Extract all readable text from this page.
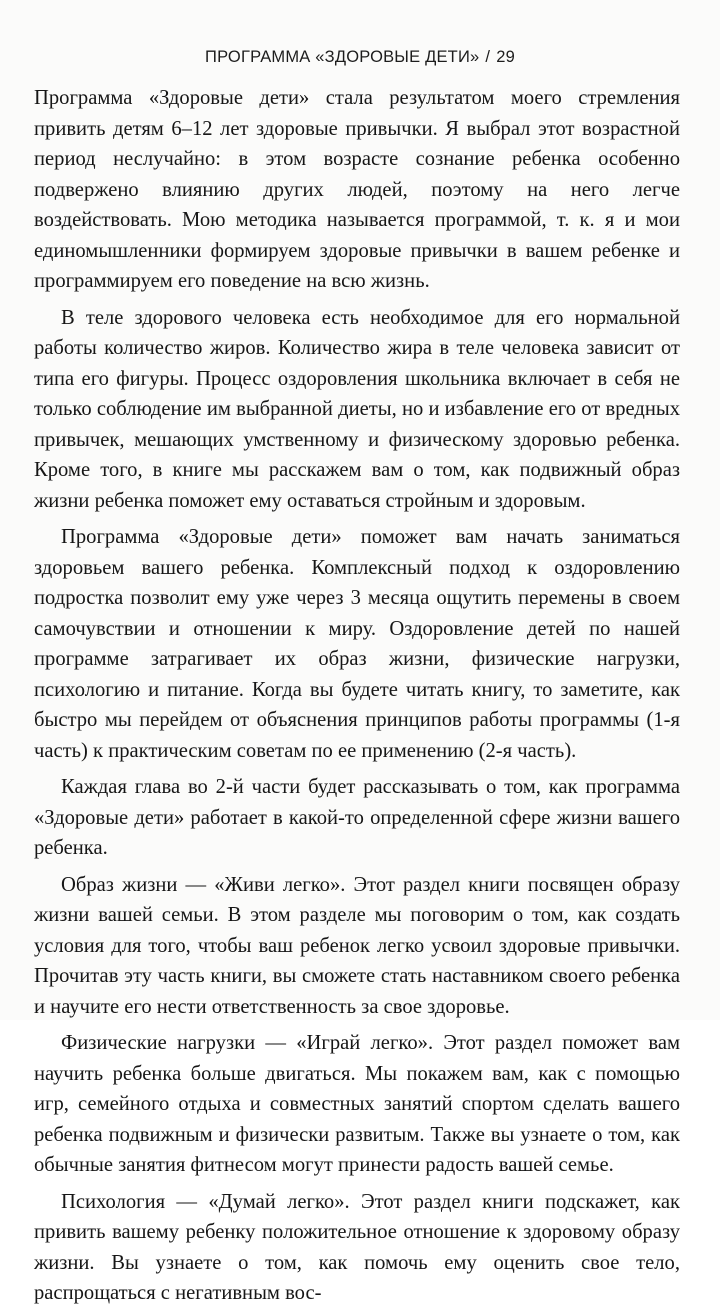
ПРОГРАММА «ЗДОРОВЫЕ ДЕТИ» / 29

Программа «Здоровые дети» стала результатом моего стремления привить детям 6–12 лет здоровые привычки. Я выбрал этот возрастной период неслучайно: в этом возрасте сознание ребенка особенно подвержено влиянию других людей, поэтому на него легче воздействовать. Мою методика называется программой, т. к. я и мои единомышленники формируем здоровые привычки в вашем ребенке и программируем его поведение на всю жизнь.

В теле здорового человека есть необходимое для его нормальной работы количество жиров. Количество жира в теле человека зависит от типа его фигуры. Процесс оздоровления школьника включает в себя не только соблюдение им выбранной диеты, но и избавление его от вредных привычек, мешающих умственному и физическому здоровью ребенка. Кроме того, в книге мы расскажем вам о том, как подвижный образ жизни ребенка поможет ему оставаться стройным и здоровым.

Программа «Здоровые дети» поможет вам начать заниматься здоровьем вашего ребенка. Комплексный подход к оздоровлению подростка позволит ему уже через 3 месяца ощутить перемены в своем самочувствии и отношении к миру. Оздоровление детей по нашей программе затрагивает их образ жизни, физические нагрузки, психологию и питание. Когда вы будете читать книгу, то заметите, как быстро мы перейдем от объяснения принципов работы программы (1-я часть) к практическим советам по ее применению (2-я часть).

Каждая глава во 2-й части будет рассказывать о том, как программа «Здоровые дети» работает в какой-то определенной сфере жизни вашего ребенка.

Образ жизни — «Живи легко». Этот раздел книги посвящен образу жизни вашей семьи. В этом разделе мы поговорим о том, как создать условия для того, чтобы ваш ребенок легко усвоил здоровые привычки. Прочитав эту часть книги, вы сможете стать наставником своего ребенка и научите его нести ответственность за свое здоровье.

Физические нагрузки — «Играй легко». Этот раздел поможет вам научить ребенка больше двигаться. Мы покажем вам, как с помощью игр, семейного отдыха и совместных занятий спортом сделать вашего ребенка подвижным и физически развитым. Также вы узнаете о том, как обычные занятия фитнесом могут принести радость вашей семье.

Психология — «Думай легко». Этот раздел книги подскажет, как привить вашему ребенку положительное отношение к здоровому образу жизни. Вы узнаете о том, как помочь ему оценить свое тело, распрощаться с негативным вос-
